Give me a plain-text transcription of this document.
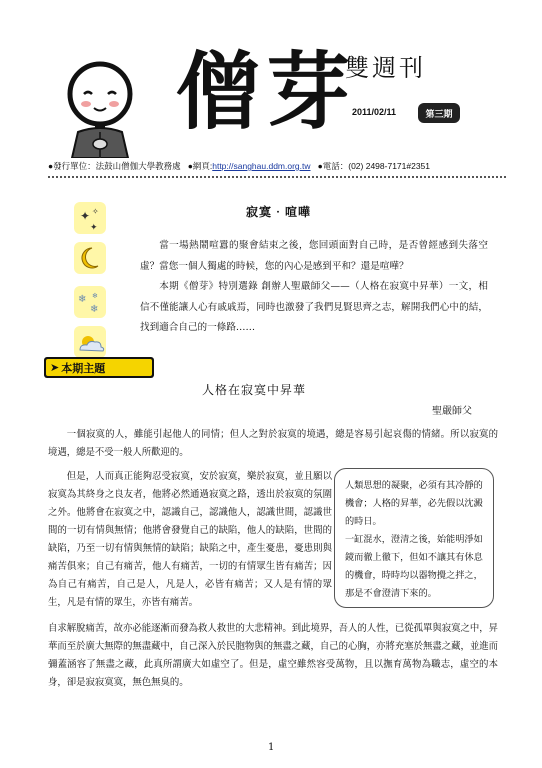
僧芽
雙週刊
2011/02/11	第三期
●發行單位：法鼓山僧伽大學教務處 ●網頁:http://sanghau.ddm.org.tw ●電話：(02) 2498-7171#2351
✦ ✧
✦
❄
❄
❄
寂寞‧喧嘩

當一場熱鬧喧囂的聚會結束之後，您回頭面對自己時，是否曾經感到失落空虛？當您一個人獨處的時候，您的內心是感到平和？還是喧嘩？

本期《僧芽》特別選錄 創辦人聖嚴師父——（人格在寂寞中昇華）一文，相信不僅能讓人心有戚戚焉，同時也激發了我們見賢思齊之志，解開我們心中的結，找到適合自己的一條路……

➤ 本期主題
人格在寂寞中昇華
聖嚴師父

一個寂寞的人，雖能引起他人的同情；但人之對於寂寞的境遇，總是容易引起哀傷的情緒。所以寂寞的境遇，總是不受一般人所歡迎的。

但是，人而真正能夠忍受寂寞，安於寂寞，樂於寂寞，並且願以寂寞為其終身之良友者，他將必然通過寂寞之路，透出於寂寞的氛圍之外。他將會在寂寞之中，認識自己，認識他人，認識世間，認識世間的一切有情與無情；他將會發覺自己的缺陷，他人的缺陷，世間的缺陷，乃至一切有情與無情的缺陷；缺陷之中，產生憂患，憂患則與痛苦俱來；自己有痛苦，他人有痛苦，一切的有情眾生皆有痛苦；因為自己有痛苦，自己是人，凡是人，必皆有痛苦；又人是有情的眾生，凡是有情的眾生，亦皆有痛苦。

人類思想的凝聚，必須有其冷靜的機會；人格的昇華，必先假以沈澱的時日。

一缸混水，澄清之後，始能明淨如鏡而徹上徹下，但如不讓其有休息的機會，時時均以器物攪之拌之，那是不會澄清下來的。

自求解脫痛苦，故亦必能逐漸而發為救人救世的大悲精神。到此境界，吾人的人性，已從孤單與寂寞之中，昇華而至於廣大無際的無盡藏中，自己深入於民胞物與的無盡之藏，自己的心胸，亦將充塞於無盡之藏，並進而彌蓋涵容了無盡之藏，此真所謂廣大如虛空了。但是，虛空雖然容受萬物，且以撫育萬物為職志，虛空的本身，卻是寂寂寞寞，無色無臭的。

1
